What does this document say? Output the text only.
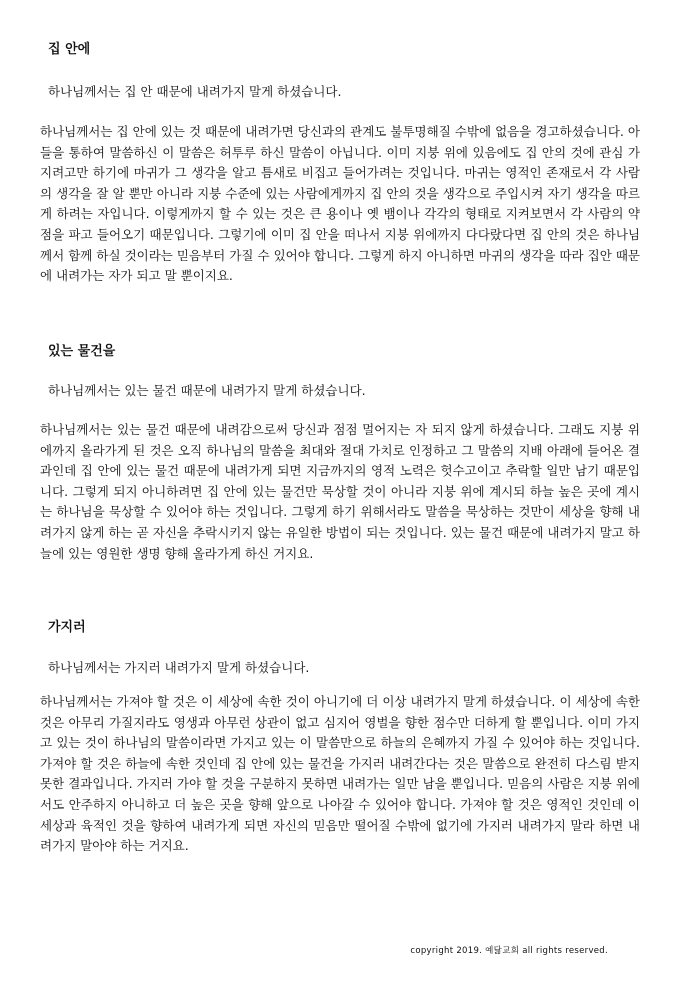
집 안에

하나님께서는 집 안 때문에 내려가지 말게 하셨습니다.

하나님께서는 집 안에 있는 것 때문에 내려가면 당신과의 관계도 불투명해질 수밖에 없음을 경고하셨습니다. 아들을 통하여 말씀하신 이 말씀은 허투루 하신 말씀이 아닙니다. 이미 지붕 위에 있음에도 집 안의 것에 관심 가지려고만 하기에 마귀가 그 생각을 알고 틈새로 비집고 들어가려는 것입니다. 마귀는 영적인 존재로서 각 사람의 생각을 잘 알 뿐만 아니라 지붕 수준에 있는 사람에게까지 집 안의 것을 생각으로 주입시켜 자기 생각을 따르게 하려는 자입니다. 이렇게까지 할 수 있는 것은 큰 용이나 옛 뱀이나 각각의 형태로 지켜보면서 각 사람의 약점을 파고 들어오기 때문입니다. 그렇기에 이미 집 안을 떠나서 지붕 위에까지 다다랐다면 집 안의 것은 하나님께서 함께 하실 것이라는 믿음부터 가질 수 있어야 합니다. 그렇게 하지 아니하면 마귀의 생각을 따라 집안 때문에 내려가는 자가 되고 말 뿐이지요.

있는 물건을

하나님께서는 있는 물건 때문에 내려가지 말게 하셨습니다.

하나님께서는 있는 물건 때문에 내려감으로써 당신과 점점 멀어지는 자 되지 않게 하셨습니다. 그래도 지붕 위에까지 올라가게 된 것은 오직 하나님의 말씀을 최대와 절대 가치로 인정하고 그 말씀의 지배 아래에 들어온 결과인데 집 안에 있는 물건 때문에 내려가게 되면 지금까지의 영적 노력은 헛수고이고 추락할 일만 남기 때문입니다. 그렇게 되지 아니하려면 집 안에 있는 물건만 묵상할 것이 아니라 지붕 위에 계시되 하늘 높은 곳에 계시는 하나님을 묵상할 수 있어야 하는 것입니다. 그렇게 하기 위해서라도 말씀을 묵상하는 것만이 세상을 향해 내려가지 않게 하는 곧 자신을 추락시키지 않는 유일한 방법이 되는 것입니다. 있는 물건 때문에 내려가지 말고 하늘에 있는 영원한 생명 향해 올라가게 하신 거지요.

가지러

하나님께서는 가지러 내려가지 말게 하셨습니다.

하나님께서는 가져야 할 것은 이 세상에 속한 것이 아니기에 더 이상 내려가지 말게 하셨습니다. 이 세상에 속한 것은 아무리 가질지라도 영생과 아무런 상관이 없고 심지어 영벌을 향한 점수만 더하게 할 뿐입니다. 이미 가지고 있는 것이 하나님의 말씀이라면 가지고 있는 이 말씀만으로 하늘의 은혜까지 가질 수 있어야 하는 것입니다. 가져야 할 것은 하늘에 속한 것인데 집 안에 있는 물건을 가지러 내려간다는 것은 말씀으로 완전히 다스림 받지 못한 결과입니다. 가지러 가야 할 것을 구분하지 못하면 내려가는 일만 남을 뿐입니다. 믿음의 사람은 지붕 위에서도 안주하지 아니하고 더 높은 곳을 향해 앞으로 나아갈 수 있어야 합니다. 가져야 할 것은 영적인 것인데 이 세상과 육적인 것을 향하여 내려가게 되면 자신의 믿음만 떨어질 수밖에 없기에 가지러 내려가지 말라 하면 내려가지 말아야 하는 거지요.

copyright 2019. 예닮교회 all rights reserved.
